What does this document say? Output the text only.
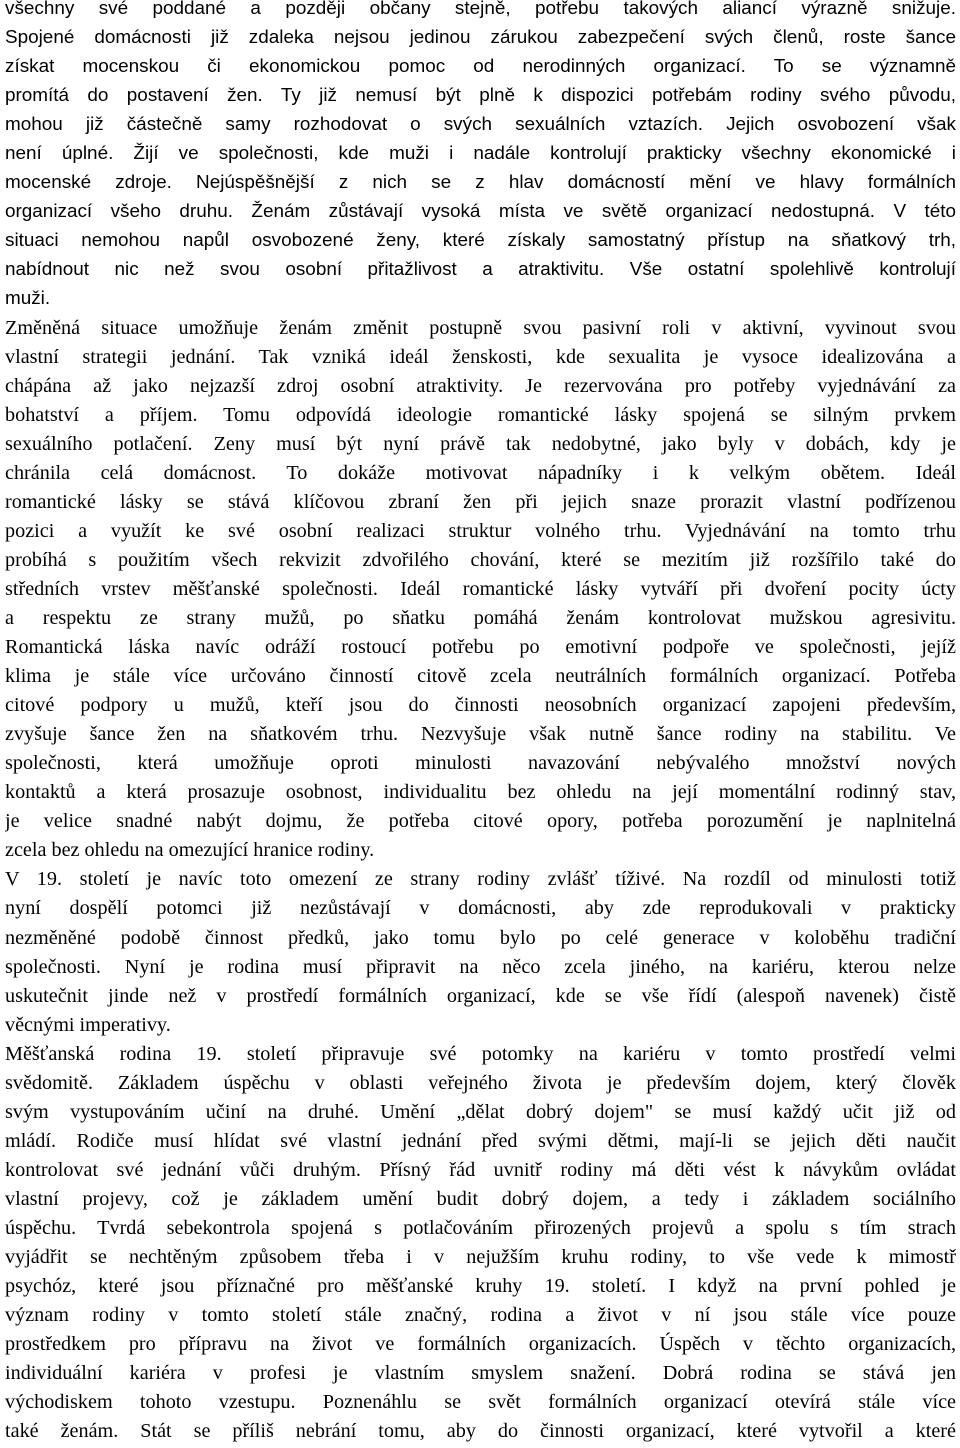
všechny své poddané a později občany stejně, potřebu takových aliancí výrazně snižuje.
Spojené domácnosti již zdaleka nejsou jedinou zárukou zabezpečení svých členů, roste šance
získat mocenskou či ekonomickou pomoc od nerodinných organizací. To se významně
promítá do postavení žen. Ty již nemusí být plně k dispozici potřebám rodiny svého původu,
mohou již částečně samy rozhodovat o svých sexuálních vztazích. Jejich osvobození však
není úplné. Žijí ve společnosti, kde muži i nadále kontrolují prakticky všechny ekonomické i
mocenské zdroje. Nejúspěšnější z nich se z hlav domácností mění ve hlavy formálních
organizací všeho druhu. Ženám zůstávají vysoká místa ve světě organizací nedostupná. V této
situaci nemohou napůl osvobozené ženy, které získaly samostatný přístup na sňatkový trh,
nabídnout nic než svou osobní přitažlivost a atraktivitu. Vše ostatní spolehlivě kontrolují
muži.
Změněná situace umožňuje ženám změnit postupně svou pasivní roli v aktivní, vyvinout svou
vlastní strategii jednání. Tak vzniká ideál ženskosti, kde sexualita je vysoce idealizována a
chápána až jako nejzazší zdroj osobní atraktivity. Je rezervována pro potřeby vyjednávání za
bohatství a příjem. Tomu odpovídá ideologie romantické lásky spojená se silným prvkem
sexuálního potlačení. Zeny musí být nyní právě tak nedobytné, jako byly v dobách, kdy je
chránila celá domácnost. To dokáže motivovat nápadníky i k velkým obětem. Ideál
romantické lásky se stává klíčovou zbraní žen při jejich snaze prorazit vlastní podřízenou
pozici a využít ke své osobní realizaci struktur volného trhu. Vyjednávání na tomto trhu
probíhá s použitím všech rekvizit zdvořilého chování, které se mezitím již rozšířilo také do
středních vrstev měšťanské společnosti. Ideál romantické lásky vytváří při dvoření pocity úcty
a respektu ze strany mužů, po sňatku pomáhá ženám kontrolovat mužskou agresivitu.
Romantická láska navíc odráží rostoucí potřebu po emotivní podpoře ve společnosti, jejíž
klima je stále více určováno činností citově zcela neutrálních formálních organizací. Potřeba
citové podpory u mužů, kteří jsou do činnosti neosobních organizací zapojeni především,
zvyšuje šance žen na sňatkovém trhu. Nezvyšuje však nutně šance rodiny na stabilitu. Ve
společnosti, která umožňuje oproti minulosti navazování nebývalého množství nových
kontaktů a která prosazuje osobnost, individualitu bez ohledu na její momentální rodinný stav,
je velice snadné nabýt dojmu, že potřeba citové opory, potřeba porozumění je naplnitelná
zcela bez ohledu na omezující hranice rodiny.
V 19. století je navíc toto omezení ze strany rodiny zvlášť tíživé. Na rozdíl od minulosti totiž
nyní dospělí potomci již nezůstávají v domácnosti, aby zde reprodukovali v prakticky
nezměněné podobě činnost předků, jako tomu bylo po celé generace v koloběhu tradiční
společnosti. Nyní je rodina musí připravit na něco zcela jiného, na kariéru, kterou nelze
uskutečnit jinde než v prostředí formálních organizací, kde se vše řídí (alespoň navenek) čistě
věcnými imperativy.
Měšťanská rodina 19. století připravuje své potomky na kariéru v tomto prostředí velmi
svědomitě. Základem úspěchu v oblasti veřejného života je především dojem, který člověk
svým vystupováním učiní na druhé. Umění „dělat dobrý dojem" se musí každý učit již od
mládí. Rodiče musí hlídat své vlastní jednání před svými dětmi, mají-li se jejich děti naučit
kontrolovat své jednání vůči druhým. Přísný řád uvnitř rodiny má děti vést k návykům ovládat
vlastní projevy, což je základem umění budit dobrý dojem, a tedy i základem sociálního
úspěchu. Tvrdá sebekontrola spojená s potlačováním přirozených projevů a spolu s tím strach
vyjádřit se nechtěným způsobem třeba i v nejužším kruhu rodiny, to vše vede k mimostř
psychóz, které jsou příznačné pro měšťanské kruhy 19. století. I když na první pohled je
význam rodiny v tomto století stále značný, rodina a život v ní jsou stále více pouze
prostředkem pro přípravu na život ve formálních organizacích. Úspěch v těchto organizacích,
individuální kariéra v profesi je vlastním smyslem snažení. Dobrá rodina se stává jen
východiskem tohoto vzestupu. Poznenáhlu se svět formálních organizací otevírá stále více
také ženám. Stát se příliš nebrání tomu, aby do činnosti organizací, které vytvořil a které
